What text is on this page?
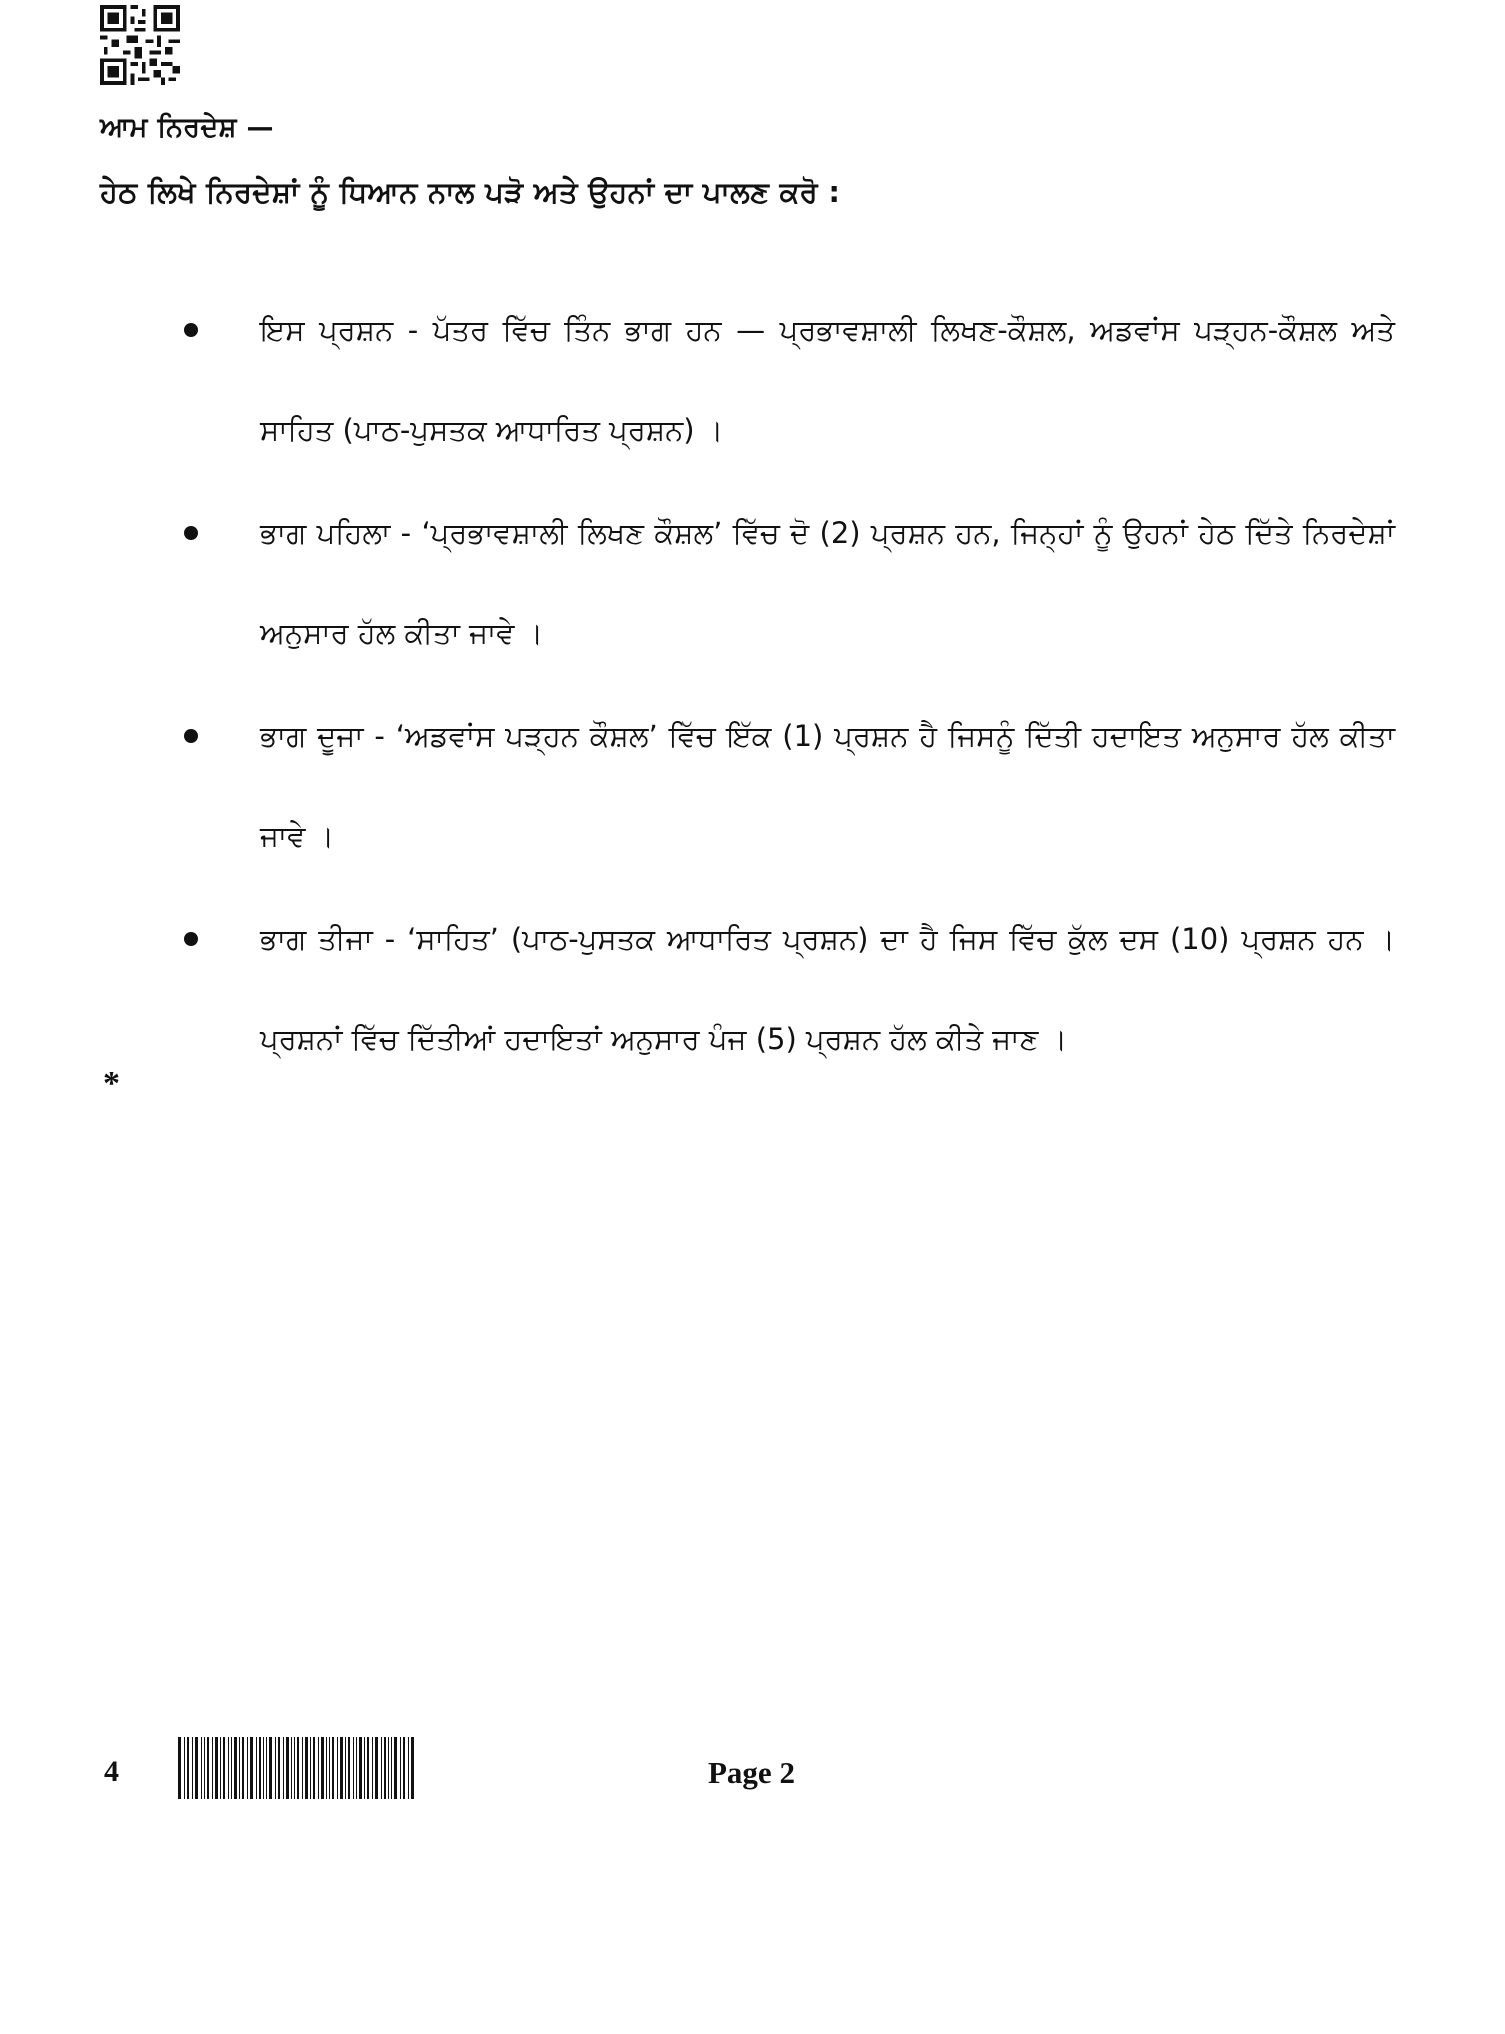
ਆਮ ਨਿਰਦੇਸ਼ —
ਹੇਠ ਲਿਖੇ ਨਿਰਦੇਸ਼ਾਂ ਨੂੰ ਧਿਆਨ ਨਾਲ ਪੜੋ ਅਤੇ ਉਹਨਾਂ ਦਾ ਪਾਲਣ ਕਰੋ :
ਇਸ ਪ੍ਰਸ਼ਨ - ਪੱਤਰ ਵਿੱਚ ਤਿੰਨ ਭਾਗ ਹਨ — ਪ੍ਰਭਾਵਸ਼ਾਲੀ ਲਿਖਣ-ਕੌਸ਼ਲ, ਅਡਵਾਂਸ ਪੜ੍ਹਨ-ਕੌਸ਼ਲ ਅਤੇ ਸਾਹਿਤ (ਪਾਠ-ਪੁਸਤਕ ਆਧਾਰਿਤ ਪ੍ਰਸ਼ਨ) ।
ਭਾਗ ਪਹਿਲਾ - ‘ਪ੍ਰਭਾਵਸ਼ਾਲੀ ਲਿਖਣ ਕੌਸ਼ਲ’ ਵਿੱਚ ਦੋ (2) ਪ੍ਰਸ਼ਨ ਹਨ, ਜਿਨ੍ਹਾਂ ਨੂੰ ਉਹਨਾਂ ਹੇਠ ਦਿੱਤੇ ਨਿਰਦੇਸ਼ਾਂ ਅਨੁਸਾਰ ਹੱਲ ਕੀਤਾ ਜਾਵੇ ।
ਭਾਗ ਦੂਜਾ - ‘ਅਡਵਾਂਸ ਪੜ੍ਹਨ ਕੌਸ਼ਲ’ ਵਿੱਚ ਇੱਕ (1) ਪ੍ਰਸ਼ਨ ਹੈ ਜਿਸਨੂੰ ਦਿੱਤੀ ਹਦਾਇਤ ਅਨੁਸਾਰ ਹੱਲ ਕੀਤਾ ਜਾਵੇ ।
ਭਾਗ ਤੀਜਾ - ‘ਸਾਹਿਤ’ (ਪਾਠ-ਪੁਸਤਕ ਆਧਾਰਿਤ ਪ੍ਰਸ਼ਨ) ਦਾ ਹੈ ਜਿਸ ਵਿੱਚ ਕੁੱਲ ਦਸ (10) ਪ੍ਰਸ਼ਨ ਹਨ । ਪ੍ਰਸ਼ਨਾਂ ਵਿੱਚ ਦਿੱਤੀਆਂ ਹਦਾਇਤਾਂ ਅਨੁਸਾਰ ਪੰਜ (5) ਪ੍ਰਸ਼ਨ ਹੱਲ ਕੀਤੇ ਜਾਣ ।
*
4	Page 2
